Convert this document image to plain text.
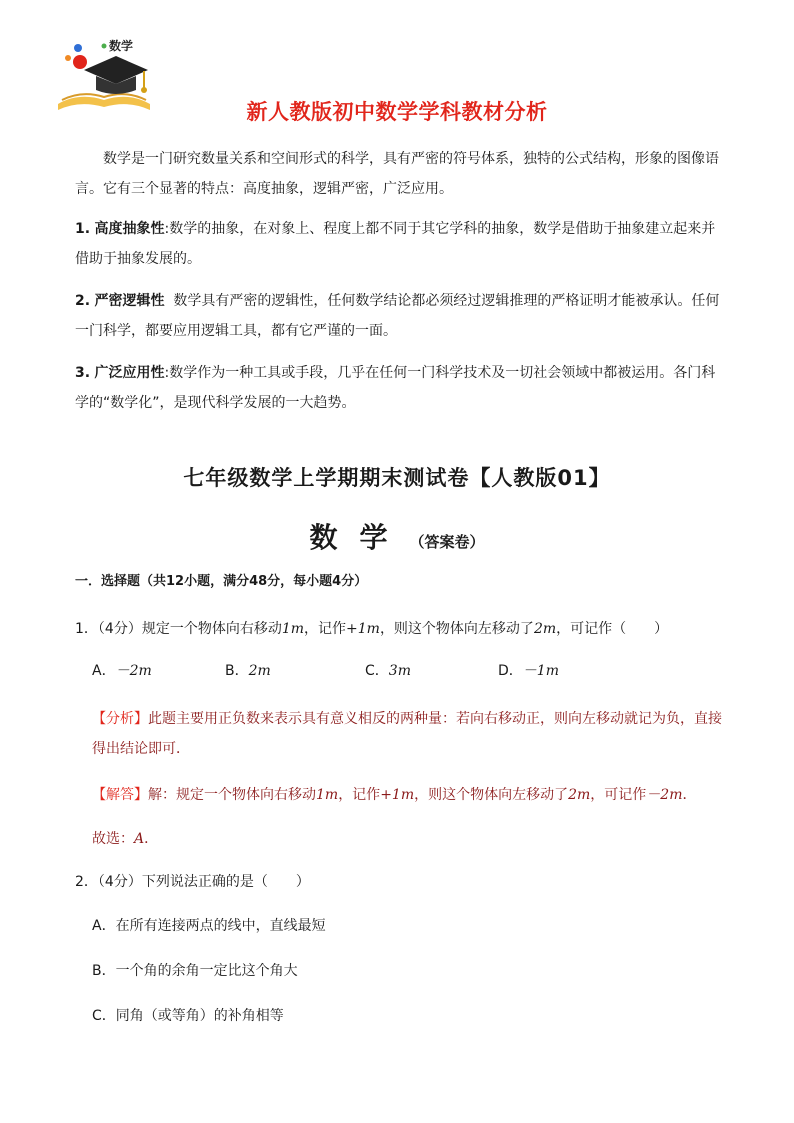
数学
新人教版初中数学学科教材分析

数学是一门研究数量关系和空间形式的科学，具有严密的符号体系，独特的公式结构，形象的图像语言。它有三个显著的特点：高度抽象，逻辑严密，广泛应用。

1. 高度抽象性:数学的抽象，在对象上、程度上都不同于其它学科的抽象，数学是借助于抽象建立起来并借助于抽象发展的。

2. 严密逻辑性 数学具有严密的逻辑性，任何数学结论都必须经过逻辑推理的严格证明才能被承认。任何一门科学，都要应用逻辑工具，都有它严谨的一面。

3. 广泛应用性:数学作为一种工具或手段，几乎在任何一门科学技术及一切社会领域中都被运用。各门科学的“数学化”，是现代科学发展的一大趋势。

七年级数学上学期期末测试卷【人教版01】
数学（答案卷）
一．选择题（共12小题，满分48分，每小题4分）
1．（4分）规定一个物体向右移动1m，记作+1m，则这个物体向左移动了2m，可记作（　　）
A．－2m	B．2m	C．3m	D．－1m
【分析】此题主要用正负数来表示具有意义相反的两种量：若向右移动正，则向左移动就记为负，直接得出结论即可．
【解答】解：规定一个物体向右移动1m，记作+1m，则这个物体向左移动了2m，可记作－2m．
故选：A．
2．（4分）下列说法正确的是（　　）
A．在所有连接两点的线中，直线最短
B．一个角的余角一定比这个角大
C．同角（或等角）的补角相等
